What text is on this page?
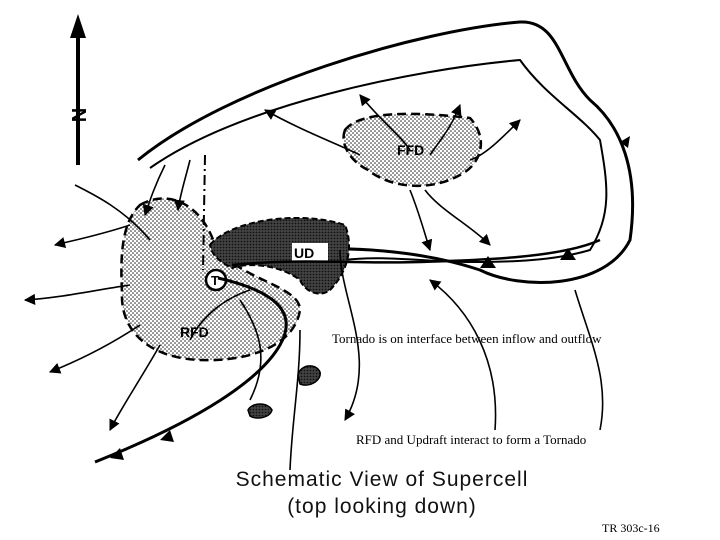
N
FFD
RFD
UD
T
Schematic View of Supercell
(top looking down)
Tornado is on interface between inflow and outflow
RFD and Updraft interact to form a Tornado
TR 303c-16
